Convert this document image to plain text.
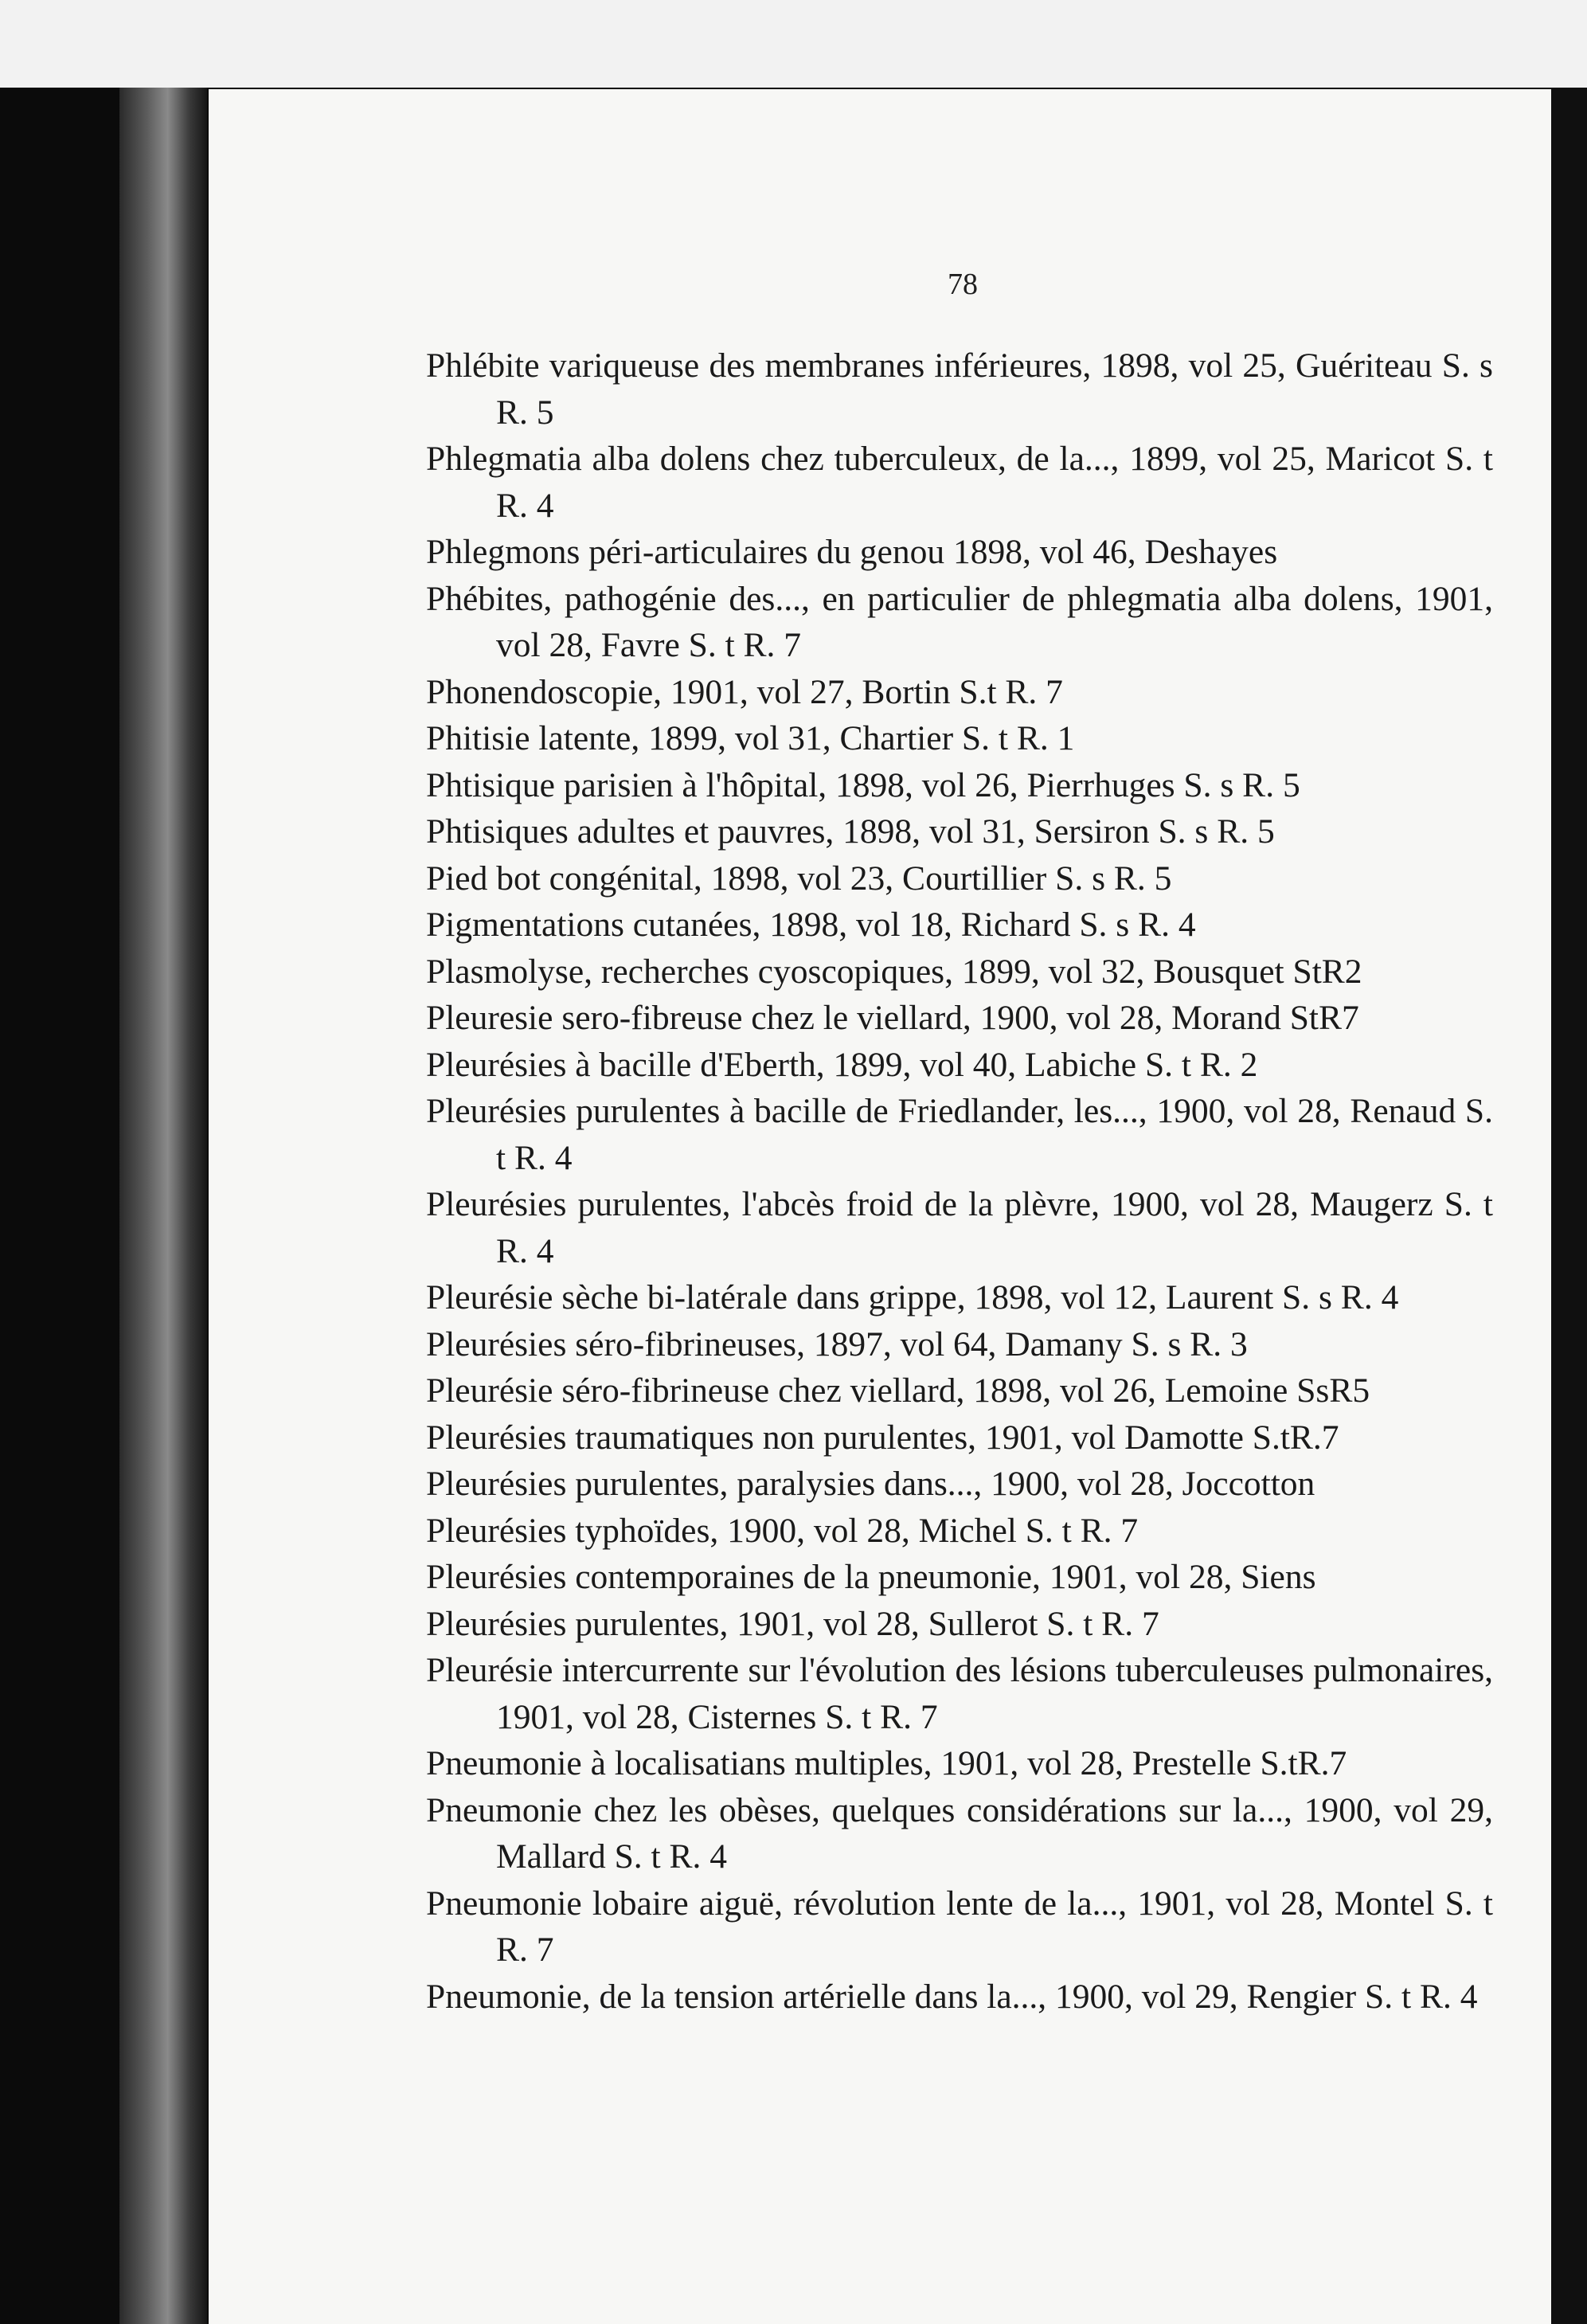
78
Phlébite variqueuse des membranes inférieures, 1898, vol 25, Guériteau S. s R. 5
Phlegmatia alba dolens chez tuberculeux, de la..., 1899, vol 25, Maricot S. t R. 4
Phlegmons péri-articulaires du genou 1898, vol 46, Deshayes
Phébites, pathogénie des..., en particulier de phlegmatia alba dolens, 1901, vol 28, Favre S. t R. 7
Phonendoscopie, 1901, vol 27, Bortin S.t R. 7
Phitisie latente, 1899, vol 31, Chartier S. t R. 1
Phtisique parisien à l'hôpital, 1898, vol 26, Pierrhuges S. s R. 5
Phtisiques adultes et pauvres, 1898, vol 31, Sersiron S. s R. 5
Pied bot congénital, 1898, vol 23, Courtillier S. s R. 5
Pigmentations cutanées, 1898, vol 18, Richard S. s R. 4
Plasmolyse, recherches cyoscopiques, 1899, vol 32, Bousquet StR2
Pleuresie sero-fibreuse chez le viellard, 1900, vol 28, Morand StR7
Pleurésies à bacille d'Eberth, 1899, vol 40, Labiche S. t R. 2
Pleurésies purulentes à bacille de Friedlander, les..., 1900, vol 28, Renaud S. t R. 4
Pleurésies purulentes, l'abcès froid de la plèvre, 1900, vol 28, Maugerz S. t R. 4
Pleurésie sèche bi-latérale dans grippe, 1898, vol 12, Laurent S. s R. 4
Pleurésies séro-fibrineuses, 1897, vol 64, Damany S. s R. 3
Pleurésie séro-fibrineuse chez viellard, 1898, vol 26, Lemoine SsR5
Pleurésies traumatiques non purulentes, 1901, vol Damotte S.tR.7
Pleurésies purulentes, paralysies dans..., 1900, vol 28, Joccotton
Pleurésies typhoïdes, 1900, vol 28, Michel S. t R. 7
Pleurésies contemporaines de la pneumonie, 1901, vol 28, Siens
Pleurésies purulentes, 1901, vol 28, Sullerot S. t R. 7
Pleurésie intercurrente sur l'évolution des lésions tuberculeuses pulmonaires, 1901, vol 28, Cisternes S. t R. 7
Pneumonie à localisatians multiples, 1901, vol 28, Prestelle S.tR.7
Pneumonie chez les obèses, quelques considérations sur la..., 1900, vol 29, Mallard S. t R. 4
Pneumonie lobaire aiguë, révolution lente de la..., 1901, vol 28, Montel S. t R. 7
Pneumonie, de la tension artérielle dans la..., 1900, vol 29, Rengier S. t R. 4
